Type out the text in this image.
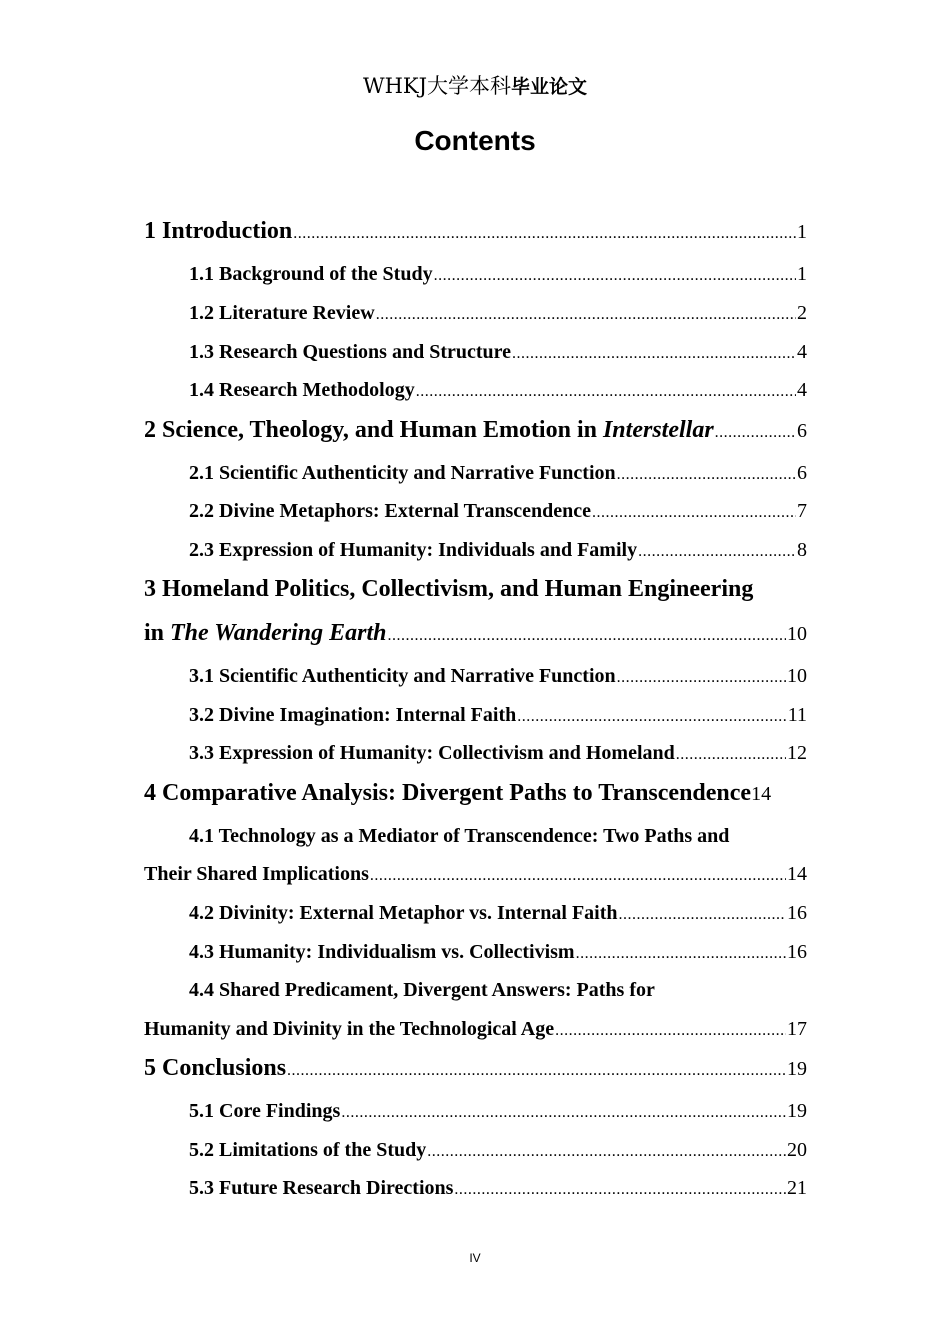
WHKJ大学本科毕业论文
Contents
1 Introduction .....	1
1.1 Background of the Study .....	1
1.2 Literature Review .....	2
1.3 Research Questions and Structure .....	4
1.4 Research Methodology .....	4
2 Science, Theology, and Human Emotion in Interstellar .....	6
2.1 Scientific Authenticity and Narrative Function .....	6
2.2 Divine Metaphors: External Transcendence .....	7
2.3 Expression of Humanity: Individuals and Family .....	8
3 Homeland Politics, Collectivism, and Human Engineering
in The Wandering Earth .....	10
3.1 Scientific Authenticity and Narrative Function .....	10
3.2 Divine Imagination: Internal Faith .....	11
3.3 Expression of Humanity: Collectivism and Homeland .....	12
4 Comparative Analysis: Divergent Paths to Transcendence 14
4.1 Technology as a Mediator of Transcendence: Two Paths and
Their Shared Implications .....	14
4.2 Divinity: External Metaphor vs. Internal Faith .....	16
4.3 Humanity: Individualism vs. Collectivism .....	16
4.4 Shared Predicament, Divergent Answers: Paths for
Humanity and Divinity in the Technological Age .....	17
5 Conclusions .....	19
5.1 Core Findings .....	19
5.2 Limitations of the Study .....	20
5.3 Future Research Directions .....	21
IV
